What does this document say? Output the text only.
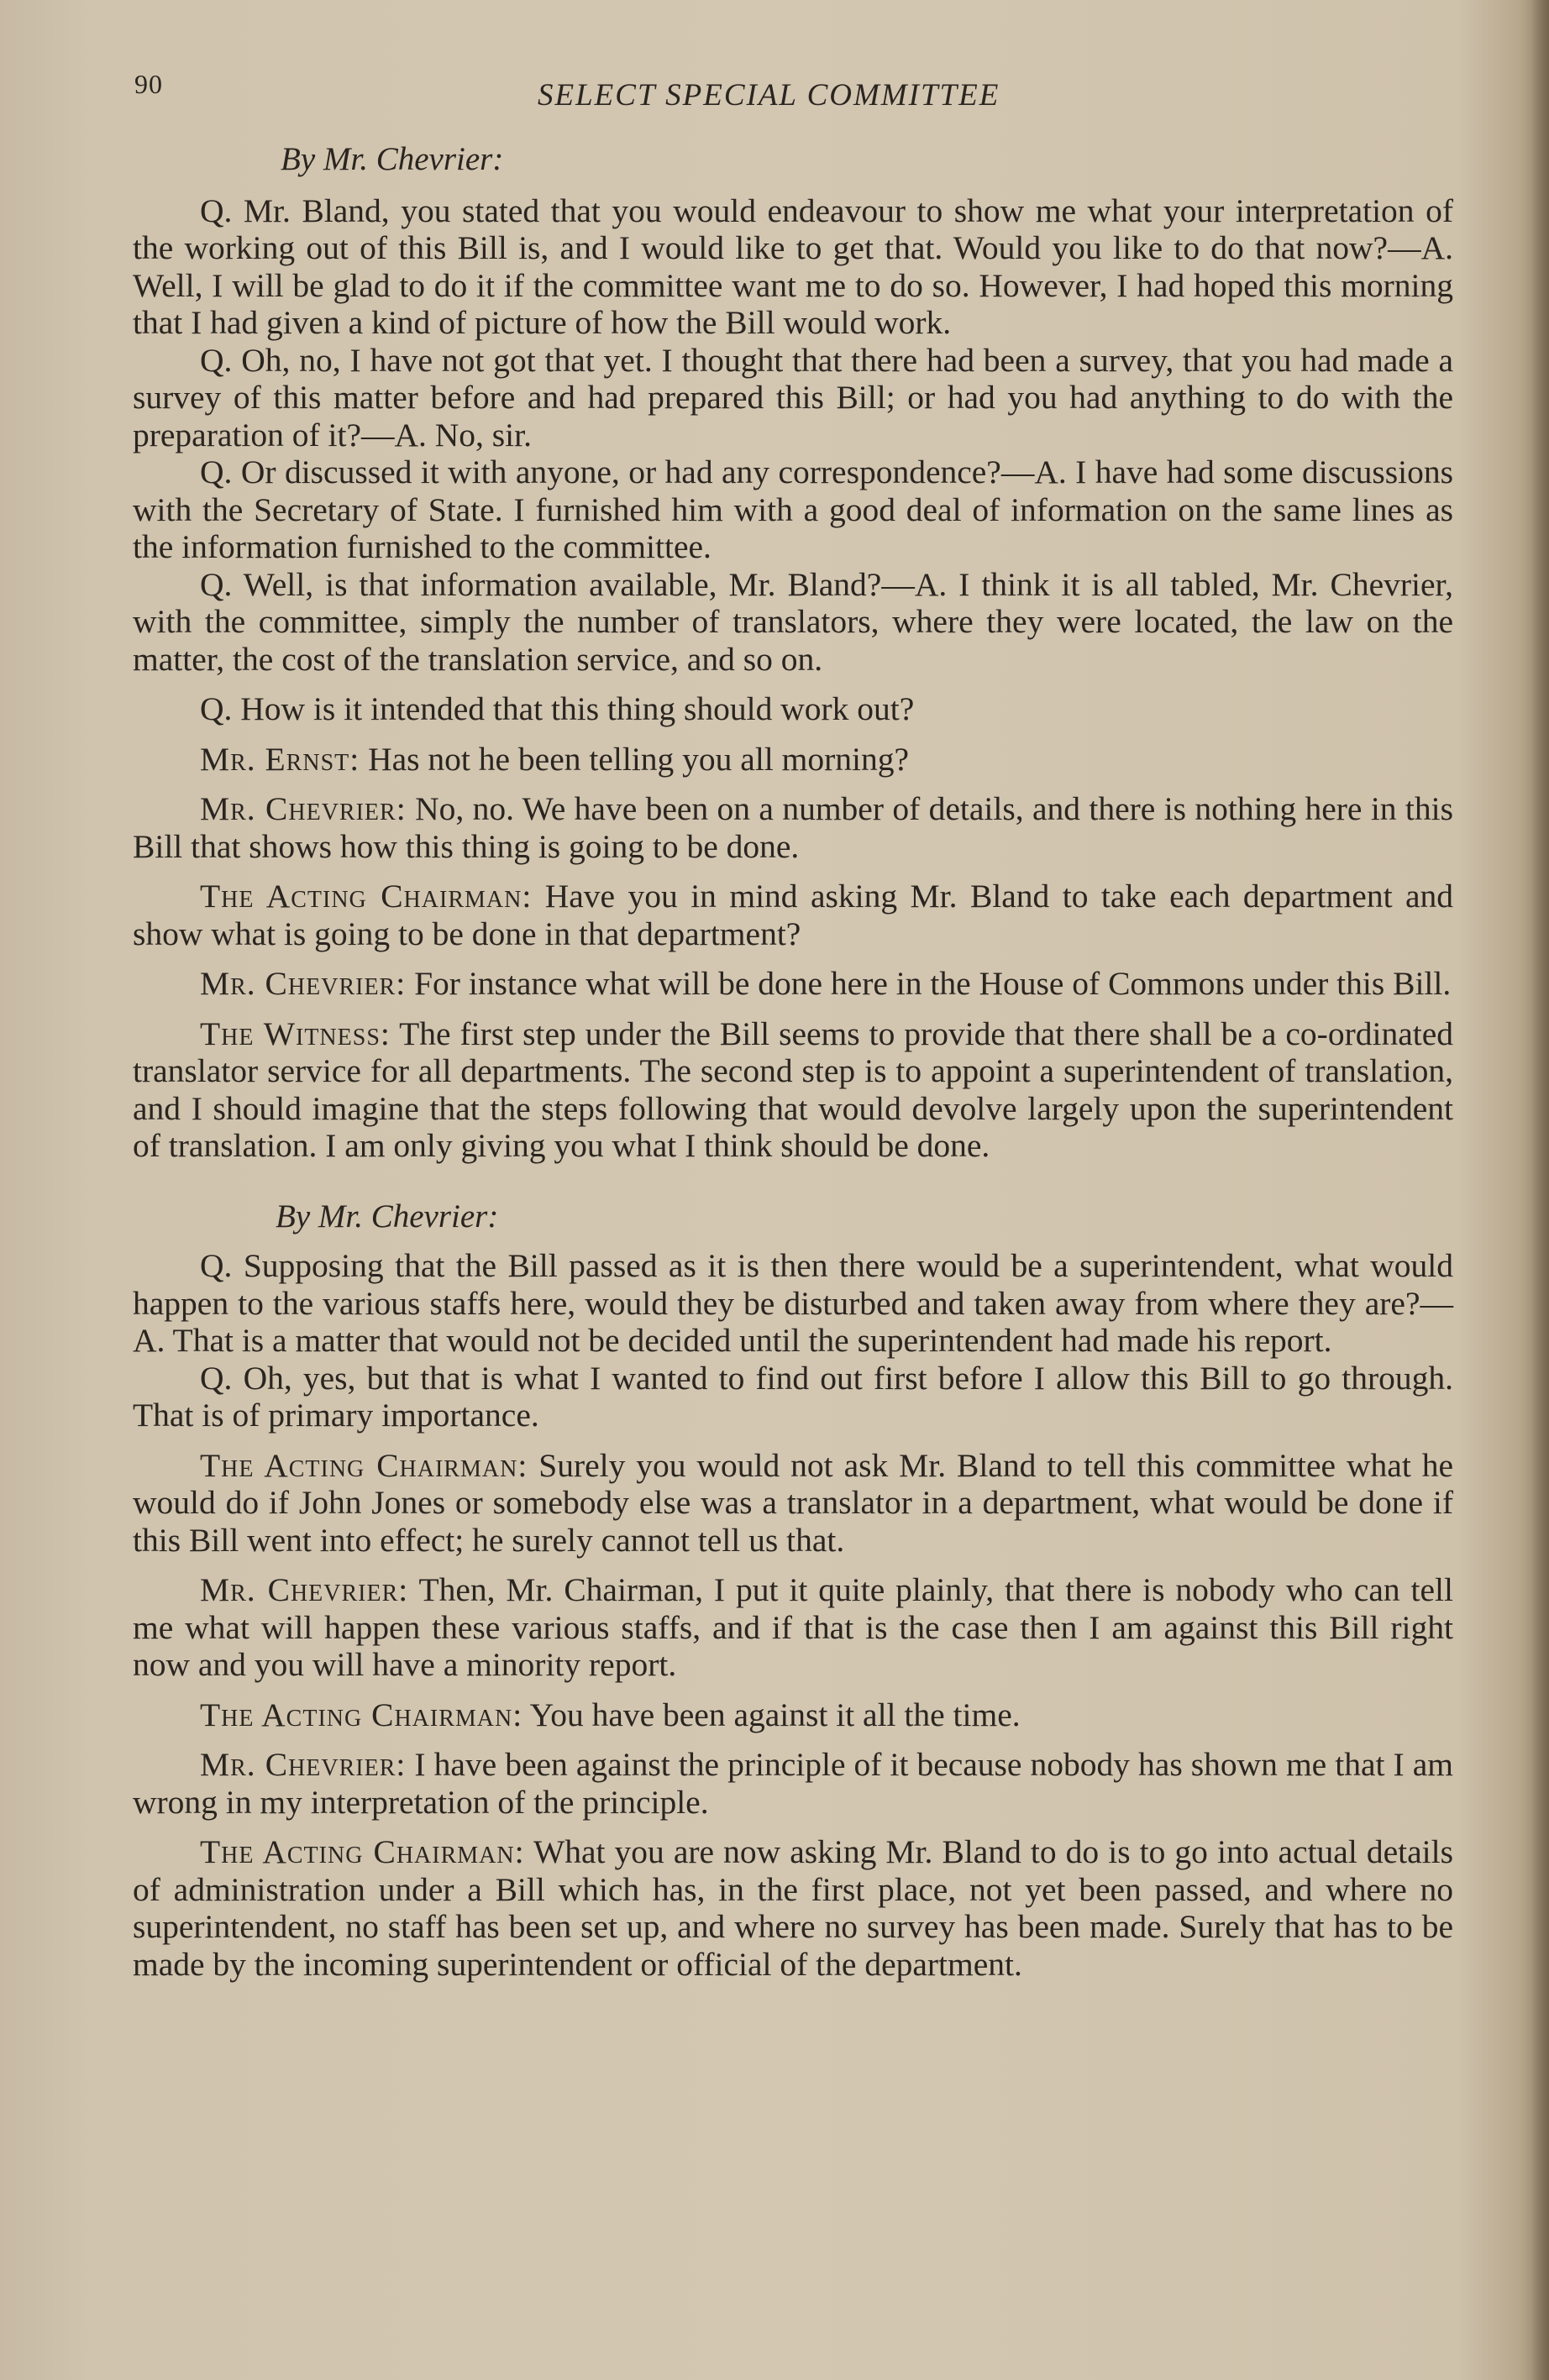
90	SELECT SPECIAL COMMITTEE
By Mr. Chevrier:

Q. Mr. Bland, you stated that you would endeavour to show me what your interpretation of the working out of this Bill is, and I would like to get that. Would you like to do that now?—A. Well, I will be glad to do it if the committee want me to do so. However, I had hoped this morning that I had given a kind of picture of how the Bill would work.

Q. Oh, no, I have not got that yet. I thought that there had been a survey, that you had made a survey of this matter before and had prepared this Bill; or had you had anything to do with the preparation of it?—A. No, sir.

Q. Or discussed it with anyone, or had any correspondence?—A. I have had some discussions with the Secretary of State. I furnished him with a good deal of information on the same lines as the information furnished to the committee.

Q. Well, is that information available, Mr. Bland?—A. I think it is all tabled, Mr. Chevrier, with the committee, simply the number of translators, where they were located, the law on the matter, the cost of the translation service, and so on.

Q. How is it intended that this thing should work out?

Mr. Ernst: Has not he been telling you all morning?

Mr. Chevrier: No, no. We have been on a number of details, and there is nothing here in this Bill that shows how this thing is going to be done.

The Acting Chairman: Have you in mind asking Mr. Bland to take each department and show what is going to be done in that department?

Mr. Chevrier: For instance what will be done here in the House of Commons under this Bill.

The Witness: The first step under the Bill seems to provide that there shall be a co-ordinated translator service for all departments. The second step is to appoint a superintendent of translation, and I should imagine that the steps following that would devolve largely upon the superintendent of translation. I am only giving you what I think should be done.

By Mr. Chevrier:

Q. Supposing that the Bill passed as it is then there would be a superintendent, what would happen to the various staffs here, would they be disturbed and taken away from where they are?—A. That is a matter that would not be decided until the superintendent had made his report.

Q. Oh, yes, but that is what I wanted to find out first before I allow this Bill to go through. That is of primary importance.

The Acting Chairman: Surely you would not ask Mr. Bland to tell this committee what he would do if John Jones or somebody else was a translator in a department, what would be done if this Bill went into effect; he surely cannot tell us that.

Mr. Chevrier: Then, Mr. Chairman, I put it quite plainly, that there is nobody who can tell me what will happen these various staffs, and if that is the case then I am against this Bill right now and you will have a minority report.

The Acting Chairman: You have been against it all the time.

Mr. Chevrier: I have been against the principle of it because nobody has shown me that I am wrong in my interpretation of the principle.

The Acting Chairman: What you are now asking Mr. Bland to do is to go into actual details of administration under a Bill which has, in the first place, not yet been passed, and where no superintendent, no staff has been set up, and where no survey has been made. Surely that has to be made by the incoming superintendent or official of the department.
